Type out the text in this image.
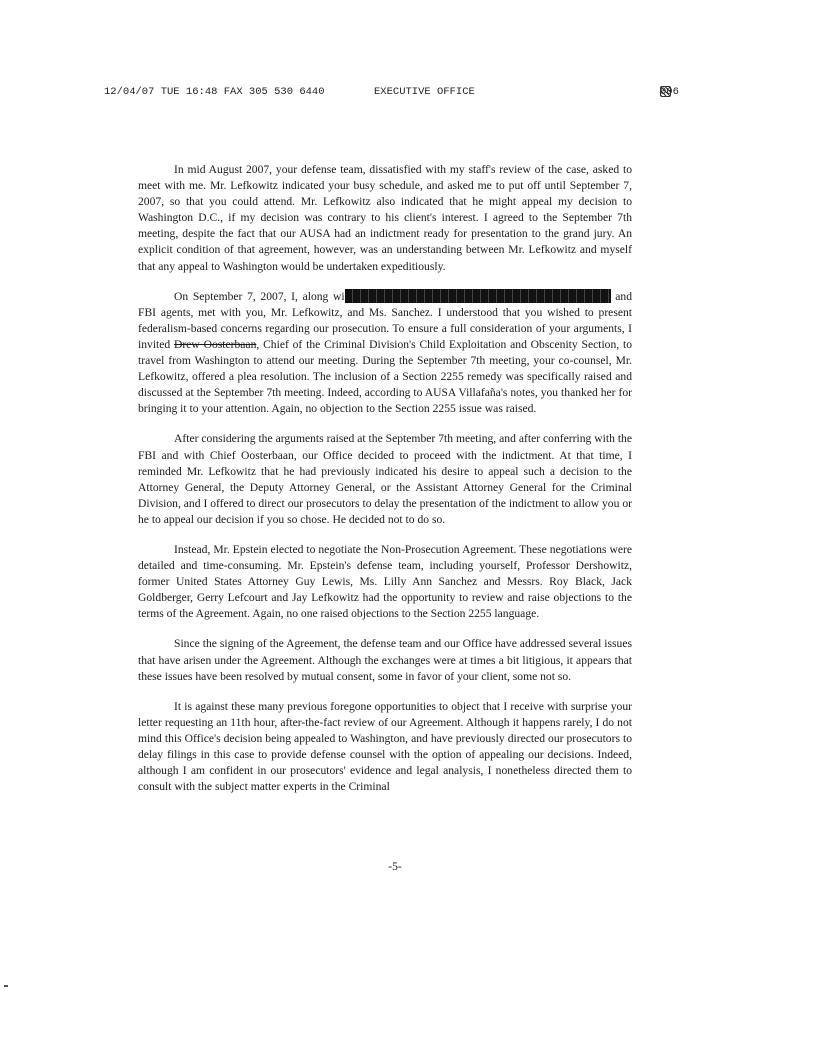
12/04/07 TUE 16:48 FAX 305 530 6440	EXECUTIVE OFFICE	006

In mid August 2007, your defense team, dissatisfied with my staff's review of the case, asked to meet with me. Mr. Lefkowitz indicated your busy schedule, and asked me to put off until September 7, 2007, so that you could attend. Mr. Lefkowitz also indicated that he might appeal my decision to Washington D.C., if my decision was contrary to his client's interest. I agreed to the September 7th meeting, despite the fact that our AUSA had an indictment ready for presentation to the grand jury. An explicit condition of that agreement, however, was an understanding between Mr. Lefkowitz and myself that any appeal to Washington would be undertaken expeditiously.

On September 7, 2007, I, along wi	and FBI agents, met with you, Mr. Lefkowitz, and Ms. Sanchez. I understood that you wished to present federalism-based concerns regarding our prosecution. To ensure a full consideration of your arguments, I invited Drew Oosterbaan, Chief of the Criminal Division's Child Exploitation and Obscenity Section, to travel from Washington to attend our meeting. During the September 7th meeting, your co-counsel, Mr. Lefkowitz, offered a plea resolution. The inclusion of a Section 2255 remedy was specifically raised and discussed at the September 7th meeting. Indeed, according to AUSA Villafaña's notes, you thanked her for bringing it to your attention. Again, no objection to the Section 2255 issue was raised.

After considering the arguments raised at the September 7th meeting, and after conferring with the FBI and with Chief Oosterbaan, our Office decided to proceed with the indictment. At that time, I reminded Mr. Lefkowitz that he had previously indicated his desire to appeal such a decision to the Attorney General, the Deputy Attorney General, or the Assistant Attorney General for the Criminal Division, and I offered to direct our prosecutors to delay the presentation of the indictment to allow you or he to appeal our decision if you so chose. He decided not to do so.

Instead, Mr. Epstein elected to negotiate the Non-Prosecution Agreement. These negotiations were detailed and time-consuming. Mr. Epstein's defense team, including yourself, Professor Dershowitz, former United States Attorney Guy Lewis, Ms. Lilly Ann Sanchez and Messrs. Roy Black, Jack Goldberger, Gerry Lefcourt and Jay Lefkowitz had the opportunity to review and raise objections to the terms of the Agreement. Again, no one raised objections to the Section 2255 language.

Since the signing of the Agreement, the defense team and our Office have addressed several issues that have arisen under the Agreement. Although the exchanges were at times a bit litigious, it appears that these issues have been resolved by mutual consent, some in favor of your client, some not so.

It is against these many previous foregone opportunities to object that I receive with surprise your letter requesting an 11th hour, after-the-fact review of our Agreement. Although it happens rarely, I do not mind this Office's decision being appealed to Washington, and have previously directed our prosecutors to delay filings in this case to provide defense counsel with the option of appealing our decisions. Indeed, although I am confident in our prosecutors' evidence and legal analysis, I nonetheless directed them to consult with the subject matter experts in the Criminal

-5-
